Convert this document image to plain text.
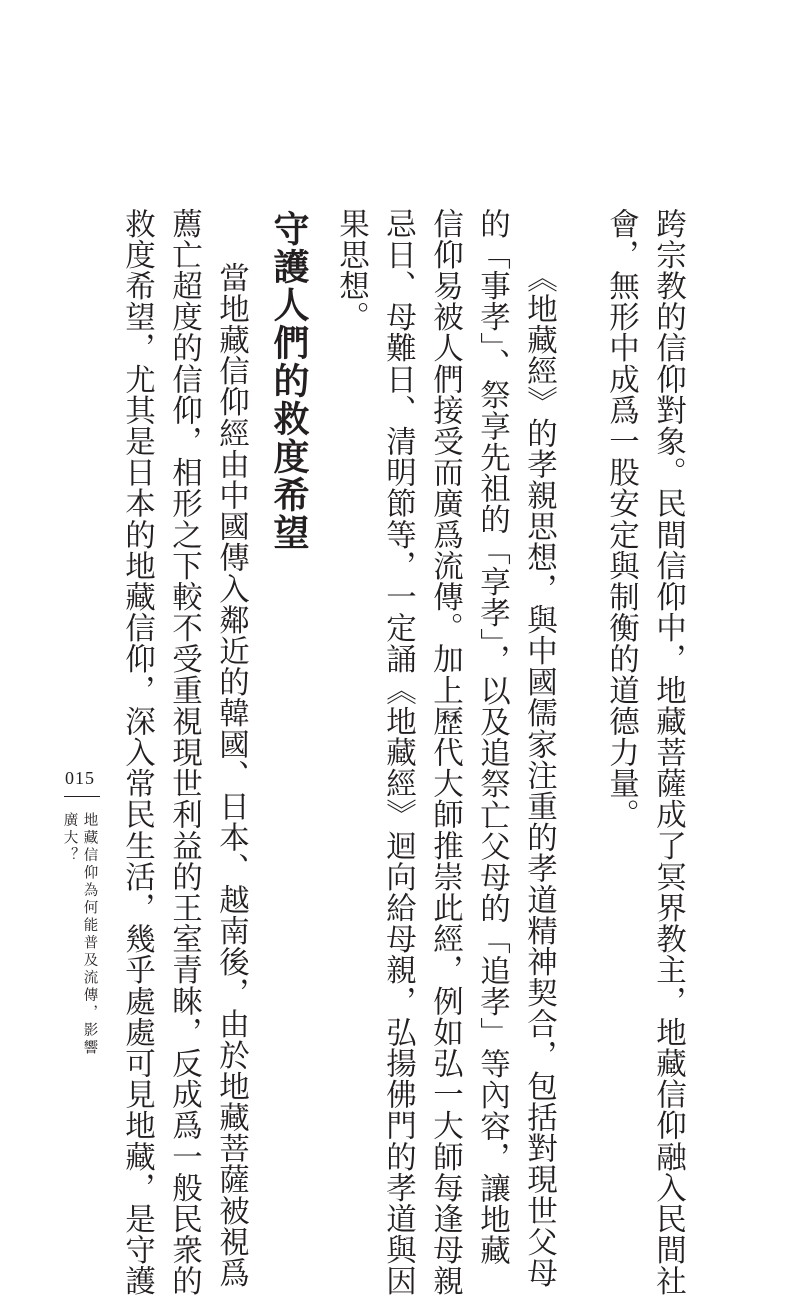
跨宗教的信仰對象。民間信仰中，地藏菩薩成了冥界教主，地藏信仰融入民間社
會，無形中成爲一股安定與制衡的道德力量。
《地藏經》的孝親思想，與中國儒家注重的孝道精神契合，包括對現世父母
的「事孝」、祭享先祖的「享孝」，以及追祭亡父母的「追孝」等內容，讓地藏
信仰易被人們接受而廣爲流傳。加上歷代大師推崇此經，例如弘一大師每逢母親
忌日、母難日、清明節等，一定誦《地藏經》迴向給母親，弘揚佛門的孝道與因
果思想。
守護人們的救度希望
當地藏信仰經由中國傳入鄰近的韓國、日本、越南後，由於地藏菩薩被視爲
薦亡超度的信仰，相形之下較不受重視現世利益的王室青睞，反成爲一般民衆的
救度希望，尤其是日本的地藏信仰，深入常民生活，幾乎處處可見地藏，是守護
015
地藏信仰為何能普及流傳，影響
廣大？
